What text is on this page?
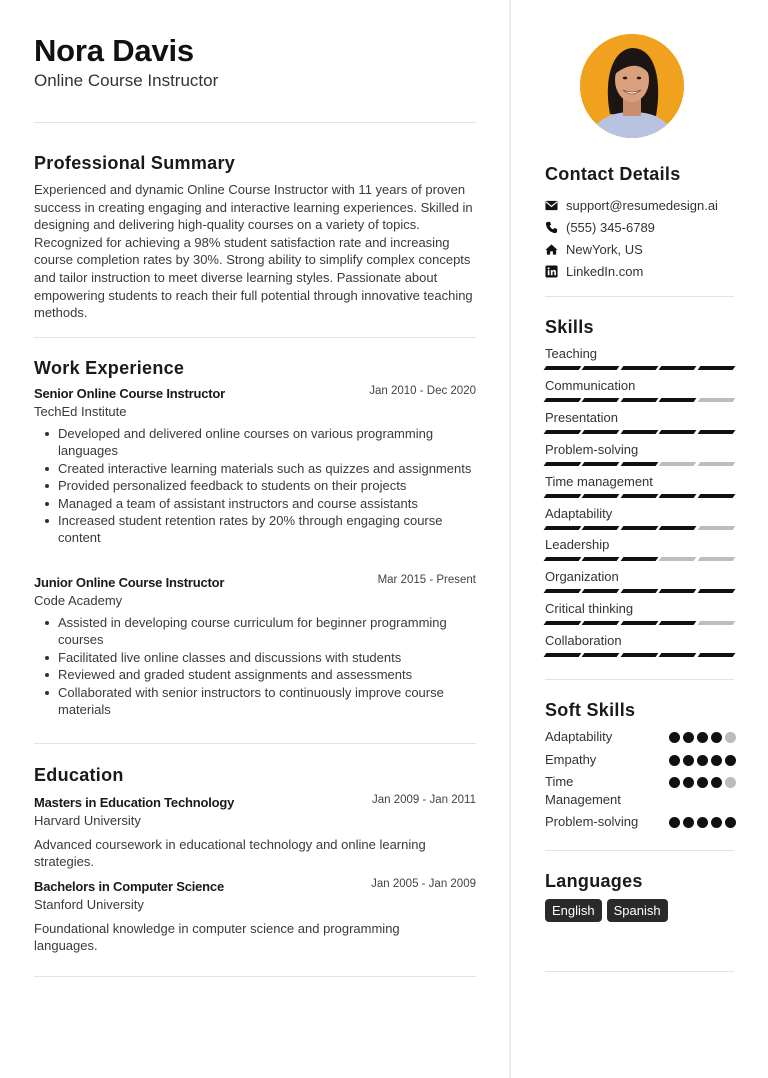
Nora Davis
Online Course Instructor
Professional Summary
Experienced and dynamic Online Course Instructor with 11 years of proven success in creating engaging and interactive learning experiences. Skilled in designing and delivering high-quality courses on a variety of topics. Recognized for achieving a 98% student satisfaction rate and increasing course completion rates by 30%. Strong ability to simplify complex concepts and tailor instruction to meet diverse learning styles. Passionate about empowering students to reach their full potential through innovative teaching methods.
Work Experience
Senior Online Course Instructor	Jan 2010 - Dec 2020
TechEd Institute
Developed and delivered online courses on various programming languages
Created interactive learning materials such as quizzes and assignments
Provided personalized feedback to students on their projects
Managed a team of assistant instructors and course assistants
Increased student retention rates by 20% through engaging course content
Junior Online Course Instructor	Mar 2015 - Present
Code Academy
Assisted in developing course curriculum for beginner programming courses
Facilitated live online classes and discussions with students
Reviewed and graded student assignments and assessments
Collaborated with senior instructors to continuously improve course materials
Education
Masters in Education Technology	Jan 2009 - Jan 2011
Harvard University
Advanced coursework in educational technology and online learning strategies.
Bachelors in Computer Science	Jan 2005 - Jan 2009
Stanford University
Foundational knowledge in computer science and programming languages.
Contact Details
support@resumedesign.ai
(555) 345-6789
NewYork, US
LinkedIn.com
Skills
Teaching
Communication
Presentation
Problem-solving
Time management
Adaptability
Leadership
Organization
Critical thinking
Collaboration
Soft Skills
Adaptability
Empathy
Time Management
Problem-solving
Languages
English	Spanish
